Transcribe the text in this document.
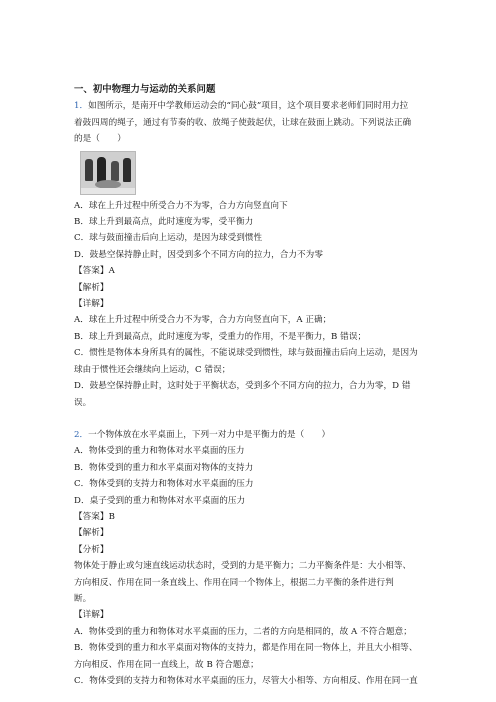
一、初中物理力与运动的关系问题
1．如图所示，是南开中学教师运动会的“同心鼓”项目，这个项目要求老师们同时用力拉
着鼓四周的绳子，通过有节奏的收、放绳子使鼓起伏，让球在鼓面上跳动。下列说法正确
的是（　　）
A．球在上升过程中所受合力不为零，合力方向竖直向下
B．球上升到最高点，此时速度为零，受平衡力
C．球与鼓面撞击后向上运动，是因为球受到惯性
D．鼓悬空保持静止时，因受到多个不同方向的拉力，合力不为零
【答案】A
【解析】
【详解】
A．球在上升过程中所受合力不为零，合力方向竖直向下，A 正确；
B．球上升到最高点，此时速度为零，受重力的作用，不是平衡力，B 错误；
C．惯性是物体本身所具有的属性，不能说球受到惯性，球与鼓面撞击后向上运动，是因为
球由于惯性还会继续向上运动，C 错误；
D．鼓悬空保持静止时，这时处于平衡状态，受到多个不同方向的拉力，合力为零，D 错
误。
2．一个物体放在水平桌面上，下列一对力中是平衡力的是（　　）
A．物体受到的重力和物体对水平桌面的压力
B．物体受到的重力和水平桌面对物体的支持力
C．物体受到的支持力和物体对水平桌面的压力
D．桌子受到的重力和物体对水平桌面的压力
【答案】B
【解析】
【分析】
物体处于静止或匀速直线运动状态时，受到的力是平衡力；二力平衡条件是：大小相等、
方向相反、作用在同一条直线上、作用在同一个物体上，根据二力平衡的条件进行判
断。
【详解】
A．物体受到的重力和物体对水平桌面的压力，二者的方向是相同的，故 A 不符合题意；
B．物体受到的重力和水平桌面对物体的支持力，都是作用在同一物体上，并且大小相等、
方向相反、作用在同一直线上，故 B 符合题意；
C．物体受到的支持力和物体对水平桌面的压力，尽管大小相等、方向相反、作用在同一直
